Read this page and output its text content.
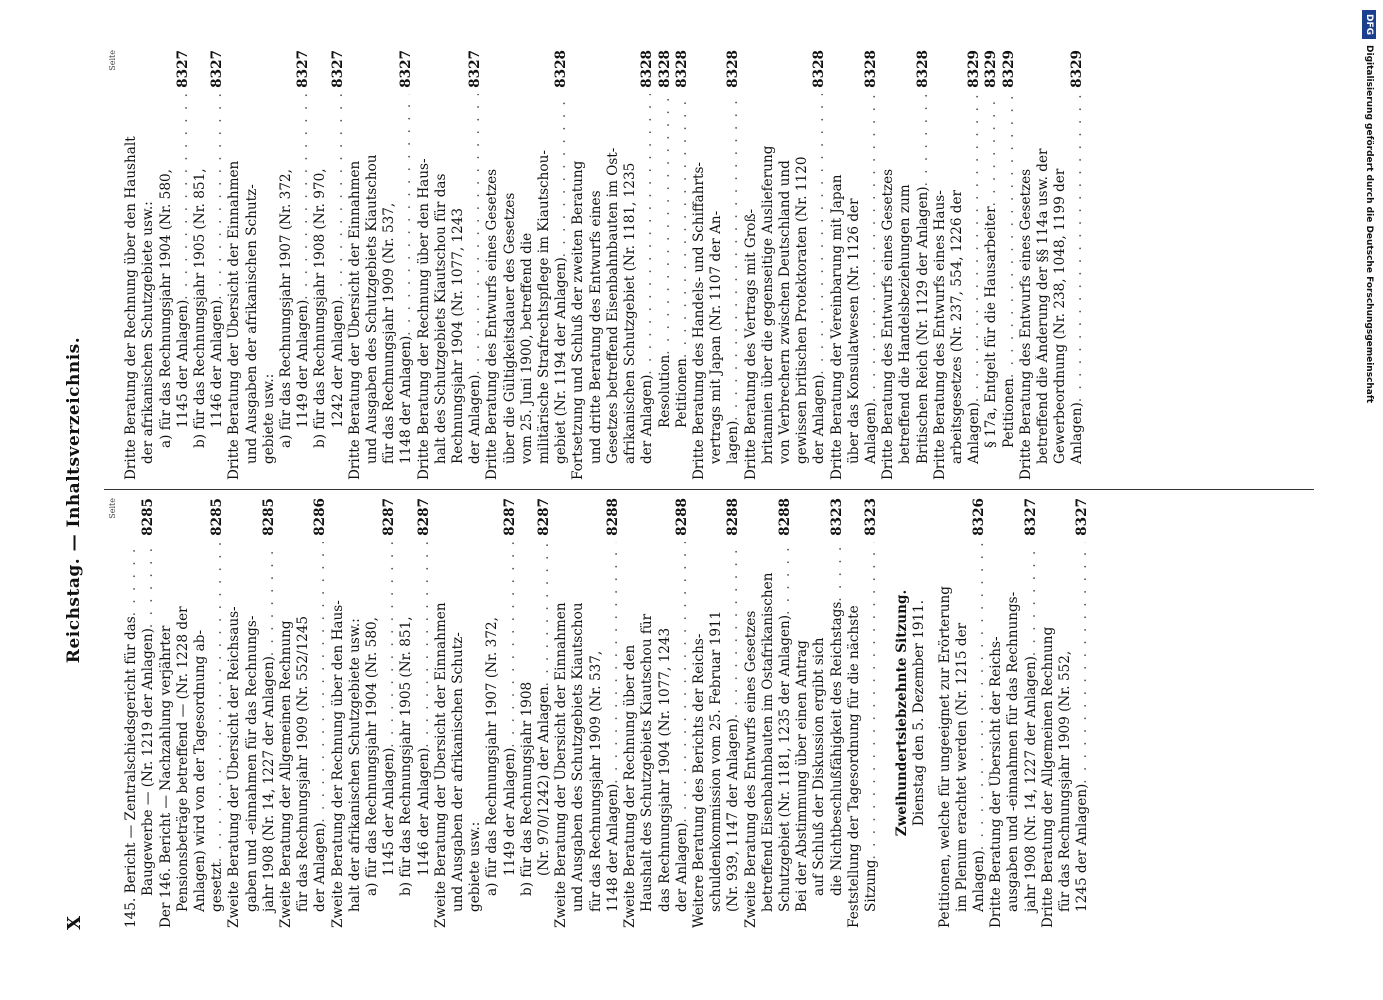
X
Reichstag. — Inhaltsverzeichnis.	Seite
145. Bericht — Zentralschiedsgericht für das
. . . Baugewerbe — (Nr. 1219 der Anlagen)
. . .
8285
Der 146. Bericht — Nachzahlung verjährter Pensionsbeträge betreffend — (Nr. 1228 der Anlagen) wird von der Tagesordnung ab- gesetzt
. . .
8285
Zweite Beratung der Übersicht der Reichsaus- gaben und -einnahmen für das Rechnungs- jahr 1908 (Nr. 14, 1227 der Anlagen)
. . .
8285
Zweite Beratung der Allgemeinen Rechnung für das Rechnungsjahr 1909 (Nr. 552/1245 der Anlagen)
. . .
8286
Zweite Beratung der Rechnung über den Haus- halt der afrikanischen Schutzgebiete usw.: a) für das Rechnungsjahr 1904 (Nr. 580, 1145 der Anlagen)
. . .
8287
b) für das Rechnungsjahr 1905 (Nr. 851, 1146 der Anlagen)
. . .
8287
Zweite Beratung der Übersicht der Einnahmen und Ausgaben der afrikanischen Schutz- gebiete usw.: a) für das Rechnungsjahr 1907 (Nr. 372, 1149 der Anlagen)
. . .
8287
b) für das Rechnungsjahr 1908 (Nr. 970/1242) der Anlagen
. . .
8287
Zweite Beratung der Übersicht der Einnahmen und Ausgaben des Schutzgebiets Kiautschou für das Rechnungsjahr 1909 (Nr. 537, 1148 der Anlagen)
. . .
8288
Zweite Beratung der Rechnung über den Haushalt des Schutzgebiets Kiautschou für das Rechnungsjahr 1904 (Nr. 1077, 1243 der Anlagen)
. . .
8288
Weitere Beratung des Berichts der Reichs- schuldenkommission vom 25. Februar 1911 (Nr. 939, 1147 der Anlagen)
. . .
8288
Zweite Beratung des Entwurfs eines Gesetzes betreffend Eisenbahnbauten im Ostafrikanischen Schutzgebiet (Nr. 1181, 1235 der Anlagen)
. . .
8288
Bei der Abstimmung über einen Antrag auf Schluß der Diskussion ergibt sich die Nichtbeschlußfähigkeit des Reichstags
. . .
8323
Feststellung der Tagesordnung für die nächste Sitzung
. . .
8323
Zweihundertsiebzehnte Sitzung. Dienstag den 5. Dezember 1911. Petitionen, welche für ungeeignet zur Erörterung im Plenum erachtet werden (Nr. 1215 der Anlagen)
. . .
8326
Dritte Beratung der Übersicht der Reichs- ausgaben und -einnahmen für das Rechnungs- jahr 1908 (Nr. 14, 1227 der Anlagen)
. . .
8327
Dritte Beratung der Allgemeinen Rechnung für das Rechnungsjahr 1909 (Nr. 552, 1245 der Anlagen)
. . .
8327
Seite
Dritte Beratung der Rechnung über den Haushalt der afrikanischen Schutzgebiete usw.: a) für das Rechnungsjahr 1904 (Nr. 580, 1145 der Anlagen)
. . .
8327
b) für das Rechnungsjahr 1905 (Nr. 851, 1146 der Anlagen)
. . .
8327
Dritte Beratung der Übersicht der Einnahmen und Ausgaben der afrikanischen Schutz- gebiete usw.: a) für das Rechnungsjahr 1907 (Nr. 372, 1149 der Anlagen)
. . .
8327
b) für das Rechnungsjahr 1908 (Nr. 970, 1242 der Anlagen)
. . .
8327
Dritte Beratung der Übersicht der Einnahmen und Ausgaben des Schutzgebiets Kiautschou für das Rechnungsjahr 1909 (Nr. 537, 1148 der Anlagen)
. . .
8327
Dritte Beratung der Rechnung über den Haus- halt des Schutzgebiets Kiautschou für das Rechnungsjahr 1904 (Nr. 1077, 1243 der Anlagen)
. . .
8327
Dritte Beratung des Entwurfs eines Gesetzes über die Gültigkeitsdauer des Gesetzes vom 25. Juni 1900, betreffend die militärische Strafrechtspflege im Kiautschou- gebiet (Nr. 1194 der Anlagen)
. . .
8328
Fortsetzung und Schluß der zweiten Beratung und dritte Beratung des Entwurfs eines Gesetzes betreffend Eisenbahnbauten im Ost- afrikanischen Schutzgebiet (Nr. 1181, 1235 der Anlagen)
. . .
8328
Resolution
. . .
8328
Petitionen
. . .
8328
Dritte Beratung des Handels- und Schiffahrts- vertrags mit Japan (Nr. 1107 der An- lagen)
. . .
8328
Dritte Beratung des Vertrags mit Groß- britannien über die gegenseitige Auslieferung von Verbrechern zwischen Deutschland und gewissen britischen Protektoraten (Nr. 1120 der Anlagen)
. . .
8328
Dritte Beratung der Vereinbarung mit Japan über das Konsulatwesen (Nr. 1126 der Anlagen)
. . .
8328
Dritte Beratung des Entwurfs eines Gesetzes betreffend die Handelsbeziehungen zum Britischen Reich (Nr. 1129 der Anlagen)
. . .
8328
Dritte Beratung des Entwurfs eines Haus- arbeitsgesetzes (Nr. 237, 554, 1226 der Anlagen)
. . .
8329
§ 17a, Entgelt für die Hausarbeiter
. . .
8329
Petitionen
. . .
8329
Dritte Beratung des Entwurfs eines Gesetzes betreffend die Änderung der §§ 114a usw. der Gewerbeordnung (Nr. 238, 1048, 1199 der Anlagen)
. . .
8329
DFGDigitalisierung gefördert durch die Deutsche Forschungsgemeinschaft
